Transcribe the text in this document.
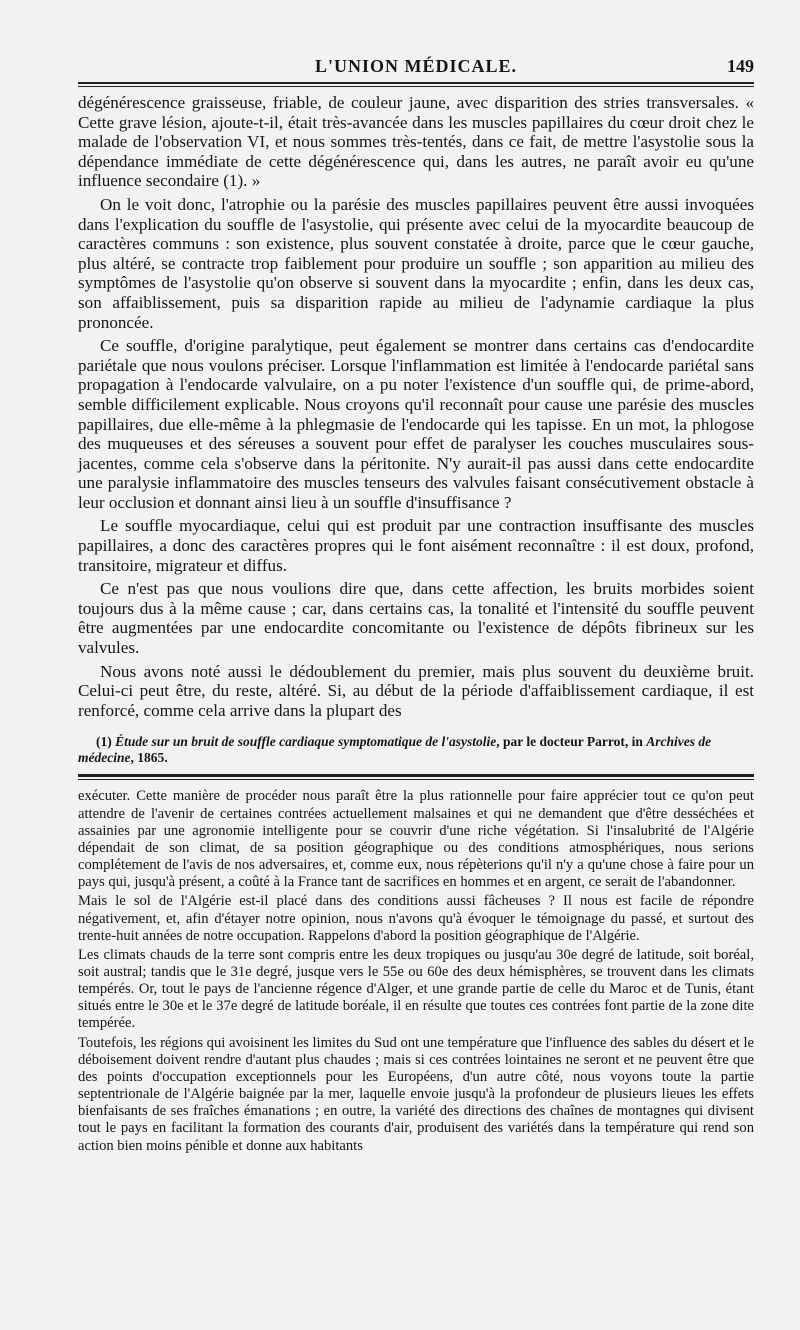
L'UNION MÉDICALE.	149

dégénérescence graisseuse, friable, de couleur jaune, avec disparition des stries transversales. « Cette grave lésion, ajoute-t-il, était très-avancée dans les muscles papillaires du cœur droit chez le malade de l'observation VI, et nous sommes très-tentés, dans ce fait, de mettre l'asystolie sous la dépendance immédiate de cette dégénérescence qui, dans les autres, ne paraît avoir eu qu'une influence secondaire (1). »

On le voit donc, l'atrophie ou la parésie des muscles papillaires peuvent être aussi invoquées dans l'explication du souffle de l'asystolie, qui présente avec celui de la myocardite beaucoup de caractères communs : son existence, plus souvent constatée à droite, parce que le cœur gauche, plus altéré, se contracte trop faiblement pour produire un souffle ; son apparition au milieu des symptômes de l'asystolie qu'on observe si souvent dans la myocardite ; enfin, dans les deux cas, son affaiblissement, puis sa disparition rapide au milieu de l'adynamie cardiaque la plus prononcée.

Ce souffle, d'origine paralytique, peut également se montrer dans certains cas d'endocardite pariétale que nous voulons préciser. Lorsque l'inflammation est limitée à l'endocarde pariétal sans propagation à l'endocarde valvulaire, on a pu noter l'existence d'un souffle qui, de prime-abord, semble difficilement explicable. Nous croyons qu'il reconnaît pour cause une parésie des muscles papillaires, due elle-même à la phlegmasie de l'endocarde qui les tapisse. En un mot, la phlogose des muqueuses et des séreuses a souvent pour effet de paralyser les couches musculaires sous-jacentes, comme cela s'observe dans la péritonite. N'y aurait-il pas aussi dans cette endocardite une paralysie inflammatoire des muscles tenseurs des valvules faisant consécutivement obstacle à leur occlusion et donnant ainsi lieu à un souffle d'insuffisance ?

Le souffle myocardiaque, celui qui est produit par une contraction insuffisante des muscles papillaires, a donc des caractères propres qui le font aisément reconnaître : il est doux, profond, transitoire, migrateur et diffus.

Ce n'est pas que nous voulions dire que, dans cette affection, les bruits morbides soient toujours dus à la même cause ; car, dans certains cas, la tonalité et l'intensité du souffle peuvent être augmentées par une endocardite concomitante ou l'existence de dépôts fibrineux sur les valvules.

Nous avons noté aussi le dédoublement du premier, mais plus souvent du deuxième bruit. Celui-ci peut être, du reste, altéré. Si, au début de la période d'affaiblissement cardiaque, il est renforcé, comme cela arrive dans la plupart des

(1) Étude sur un bruit de souffle cardiaque symptomatique de l'asystolie, par le docteur Parrot, in Archives de médecine, 1865.

exécuter. Cette manière de procéder nous paraît être la plus rationnelle pour faire apprécier tout ce qu'on peut attendre de l'avenir de certaines contrées actuellement malsaines et qui ne demandent que d'être desséchées et assainies par une agronomie intelligente pour se couvrir d'une riche végétation. Si l'insalubrité de l'Algérie dépendait de son climat, de sa position géographique ou des conditions atmosphériques, nous serions complétement de l'avis de nos adversaires, et, comme eux, nous répèterions qu'il n'y a qu'une chose à faire pour un pays qui, jusqu'à présent, a coûté à la France tant de sacrifices en hommes et en argent, ce serait de l'abandonner.

Mais le sol de l'Algérie est-il placé dans des conditions aussi fâcheuses ? Il nous est facile de répondre négativement, et, afin d'étayer notre opinion, nous n'avons qu'à évoquer le témoignage du passé, et surtout des trente-huit années de notre occupation. Rappelons d'abord la position géographique de l'Algérie.

Les climats chauds de la terre sont compris entre les deux tropiques ou jusqu'au 30e degré de latitude, soit boréal, soit austral; tandis que le 31e degré, jusque vers le 55e ou 60e des deux hémisphères, se trouvent dans les climats tempérés. Or, tout le pays de l'ancienne régence d'Alger, et une grande partie de celle du Maroc et de Tunis, étant situés entre le 30e et le 37e degré de latitude boréale, il en résulte que toutes ces contrées font partie de la zone dite tempérée.

Toutefois, les régions qui avoisinent les limites du Sud ont une température que l'influence des sables du désert et le déboisement doivent rendre d'autant plus chaudes ; mais si ces contrées lointaines ne seront et ne peuvent être que des points d'occupation exceptionnels pour les Européens, d'un autre côté, nous voyons toute la partie septentrionale de l'Algérie baignée par la mer, laquelle envoie jusqu'à la profondeur de plusieurs lieues les effets bienfaisants de ses fraîches émanations ; en outre, la variété des directions des chaînes de montagnes qui divisent tout le pays en facilitant la formation des courants d'air, produisent des variétés dans la température qui rend son action bien moins pénible et donne aux habitants
